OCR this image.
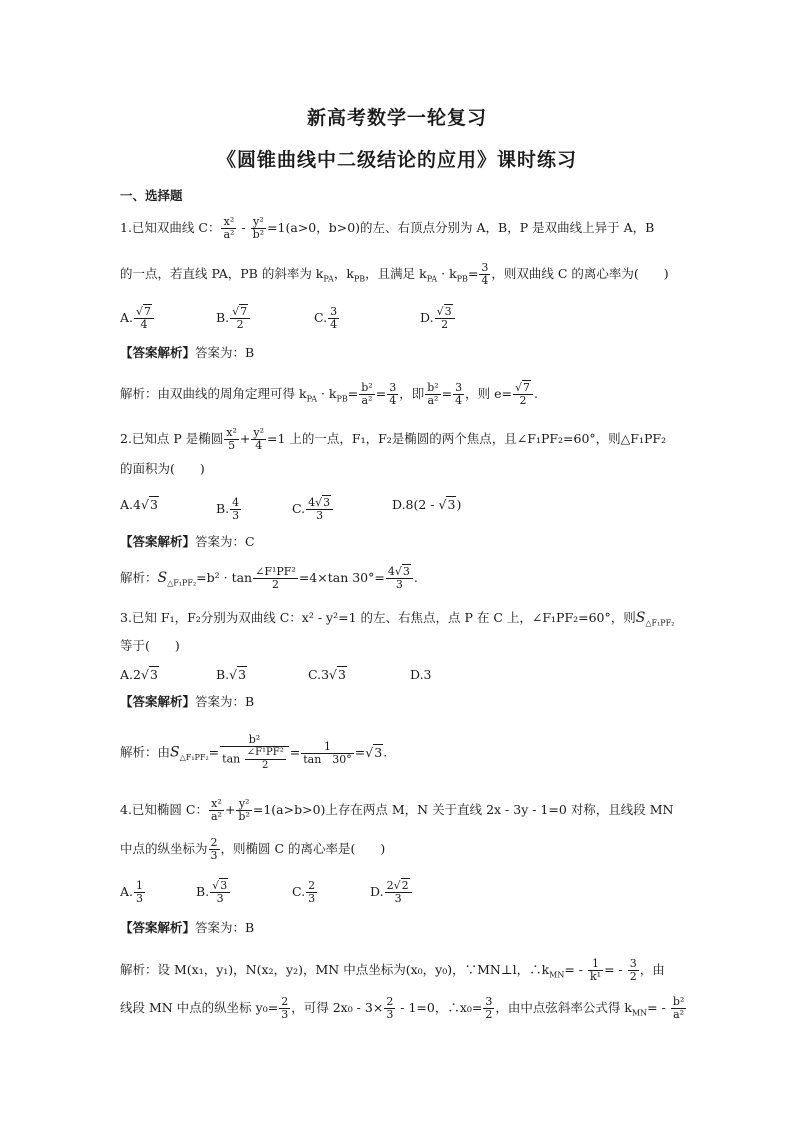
新高考数学一轮复习
《圆锥曲线中二级结论的应用》课时练习
一、选择题
1.已知双曲线 C： $\frac{\text{x²}}{\text{a²}} - \frac{\text{y²}}{\text{b²}} =1(a>0$，b>0)的左、右顶点分别为 A，B，P 是双曲线上异于 A，B
的一点，若直线 PA，PB 的斜率为 $k_{PA}$，$k_{PB}$，且满足 $k_{PA} \cdot k_{PB}= \frac{3}{4}$ ，则双曲线 C 的离心率为(　　)
A. $\frac{√7}{4}$	B. $\frac{√7}{2}$	C. $\frac{3}{4}$	D. $\frac{√3}{2}$
【答案解析】答案为：B
解析：由双曲线的周角定理可得 $k_{PA} \cdot k_{PB}= \frac{\text{b²}}{\text{a²}} = \frac{3}{4}$ ，即 $\frac{\text{b²}}{\text{a²}} = \frac{3}{4}$ ，则 $e= \frac{√7}{2}$ .
2.已知点 P 是椭圆 $\frac{\text{x²}}{5} + \frac{\text{y²}}{4} =1$ 上的一点，F₁，F₂是椭圆的两个焦点，且∠F₁PF₂=60°，则△F₁PF₂
的面积为(　　)
A.4√3	B. $\frac{4}{3}$	C. $\frac{4√3}{3}$	D.8(2 - √3)
【答案解析】答案为：C
解析：$S_{\triangle F_1PF_2}=b^2 \cdot \tan \frac{\text{∠F¹PF²}}{2} =4\times\tan$ $30^\circ= \frac{4√3}{3}$ .
3.已知 F₁，F₂分别为双曲线 C：x² - y²=1 的左、右焦点，点 P 在 C 上，∠F₁PF₂=60°，则$S_{\triangle F_1PF_2}$
等于(　　)
A.2√3	B.√3	C.3√3	D.3
【答案解析】答案为：B
解析：由$S_{\triangle F_1PF_2}= \frac{\text{b²}}{\tan \frac{\text{∠F¹PF²}}{2}} = \frac{1}{\tan 30^\circ} =√3$.
4.已知椭圆 C： $\frac{\text{x²}}{\text{a²}} + \frac{\text{y²}}{\text{b²}} =1(a>b>0)$上存在两点 M，N 关于直线 2x - 3y - 1=0 对称，且线段 MN
中点的纵坐标为 $\frac{2}{3}$ ，则椭圆 C 的离心率是(　　)
A. $\frac{1}{3}$	B. $\frac{√3}{3}$	C. $\frac{2}{3}$	D. $\frac{2√2}{3}$
【答案解析】答案为：B
解析：设 M(x₁，y₁)，N(x₂，y₂)，MN 中点坐标为(x₀，y₀)，∵MN⊥l，$\therefore k_{MN}= - \frac{1}{\text{k¹}}$ = - $\frac{3}{2}$ ，由
线段 MN 中点的纵坐标 $y_0= \frac{2}{3}$ ，可得 $2x_0 - 3\times \frac{2}{3} - 1=0$，∴x₀= $\frac{3}{2}$ ，由中点弦斜率公式得 $k_{MN}= - \frac{\text{b²}}{\text{a²}}$
